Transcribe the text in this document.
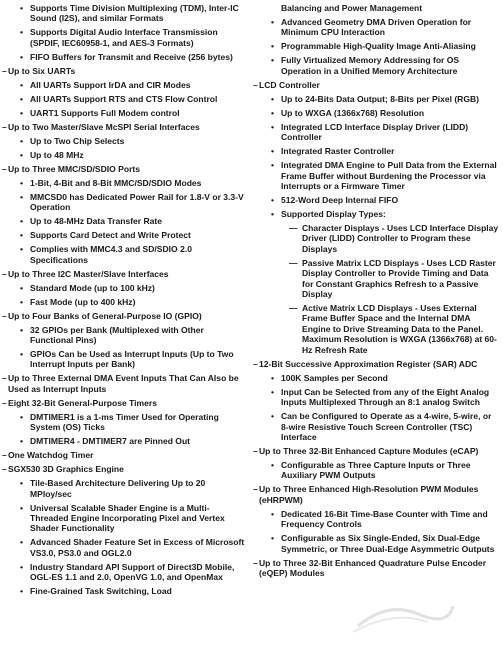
• Supports Time Division Multiplexing (TDM), Inter-IC Sound (I2S), and similar Formats
• Supports Digital Audio Interface Transmission (SPDIF, IEC60958-1, and AES-3 Formats)
• FIFO Buffers for Transmit and Receive (256 bytes)
– Up to Six UARTs
• All UARTs Support IrDA and CIR Modes
• All UARTs Support RTS and CTS Flow Control
• UART1 Supports Full Modem control
– Up to Two Master/Slave McSPI Serial Interfaces
• Up to Two Chip Selects
• Up to 48 MHz
– Up to Three MMC/SD/SDIO Ports
• 1-Bit, 4-Bit and 8-Bit MMC/SD/SDIO Modes
• MMCSD0 has Dedicated Power Rail for 1.8-V or 3.3-V Operation
• Up to 48-MHz Data Transfer Rate
• Supports Card Detect and Write Protect
• Complies with MMC4.3 and SD/SDIO 2.0 Specifications
– Up to Three I2C Master/Slave Interfaces
• Standard Mode (up to 100 kHz)
• Fast Mode (up to 400 kHz)
– Up to Four Banks of General-Purpose IO (GPIO)
• 32 GPIOs per Bank (Multiplexed with Other Functional Pins)
• GPIOs Can be Used as Interrupt Inputs (Up to Two Interrupt Inputs per Bank)
– Up to Three External DMA Event Inputs That Can Also be Used as Interrupt Inputs
– Eight 32-Bit General-Purpose Timers
• DMTIMER1 is a 1-ms Timer Used for Operating System (OS) Ticks
• DMTIMER4 - DMTIMER7 are Pinned Out
– One Watchdog Timer
– SGX530 3D Graphics Engine
• Tile-Based Architecture Delivering Up to 20 MPloy/sec
• Universal Scalable Shader Engine is a Multi-Threaded Engine Incorporating Pixel and Vertex Shader Functionality
• Advanced Shader Feature Set in Excess of Microsoft VS3.0, PS3.0 and OGL2.0
• Industry Standard API Support of Direct3D Mobile, OGL-ES 1.1 and 2.0, OpenVG 1.0, and OpenMax
• Fine-Grained Task Switching, Load
Balancing and Power Management
• Advanced Geometry DMA Driven Operation for Minimum CPU Interaction
• Programmable High-Quality Image Anti-Aliasing
• Fully Virtualized Memory Addressing for OS Operation in a Unified Memory Architecture
– LCD Controller
• Up to 24-Bits Data Output; 8-Bits per Pixel (RGB)
• Up to WXGA (1366x768) Resolution
• Integrated LCD Interface Display Driver (LIDD) Controller
• Integrated Raster Controller
• Integrated DMA Engine to Pull Data from the External Frame Buffer without Burdening the Processor via Interrupts or a Firmware Timer
• 512-Word Deep Internal FIFO
• Supported Display Types:
— Character Displays - Uses LCD Interface Display Driver (LIDD) Controller to Program these Displays
— Passive Matrix LCD Displays - Uses LCD Raster Display Controller to Provide Timing and Data for Constant Graphics Refresh to a Passive Display
— Active Matrix LCD Displays - Uses External Frame Buffer Space and the Internal DMA Engine to Drive Streaming Data to the Panel. Maximum Resolution is WXGA (1366x768) at 60-Hz Refresh Rate
– 12-Bit Successive Approximation Register (SAR) ADC
• 100K Samples per Second
• Input Can be Selected from any of the Eight Analog Inputs Multiplexed Through an 8:1 analog Switch
• Can be Configured to Operate as a 4-wire, 5-wire, or 8-wire Resistive Touch Screen Controller (TSC) Interface
– Up to Three 32-Bit Enhanced Capture Modules (eCAP)
• Configurable as Three Capture Inputs or Three Auxiliary PWM Outputs
– Up to Three Enhanced High-Resolution PWM Modules (eHRPWM)
• Dedicated 16-Bit Time-Base Counter with Time and Frequency Controls
• Configurable as Six Single-Ended, Six Dual-Edge Symmetric, or Three Dual-Edge Asymmetric Outputs
– Up to Three 32-Bit Enhanced Quadrature Pulse Encoder (eQEP) Modules
